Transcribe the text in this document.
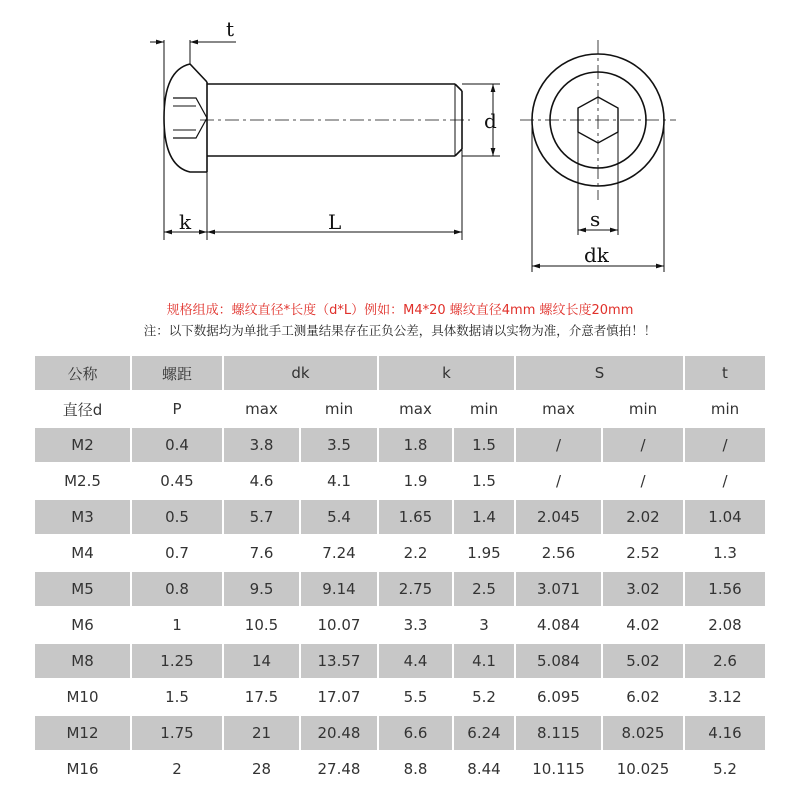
t
k	L
d
s
dk
规格组成：螺纹直径*长度（d*L）例如：M4*20 螺纹直径4mm 螺纹长度20mm
注：以下数据均为单批手工测量结果存在正负公差，具体数据请以实物为准，介意者慎拍！！
公称	螺距	dk		k		S		t
直径d	P	max	min	max	min	max	min	min
M2	0.4	3.8	3.5	1.8	1.5	/	/	/
M2.5	0.45	4.6	4.1	1.9	1.5	/	/	/
M3	0.5	5.7	5.4	1.65	1.4	2.045	2.02	1.04
M4	0.7	7.6	7.24	2.2	1.95	2.56	2.52	1.3
M5	0.8	9.5	9.14	2.75	2.5	3.071	3.02	1.56
M6	1	10.5	10.07	3.3	3	4.084	4.02	2.08
M8	1.25	14	13.57	4.4	4.1	5.084	5.02	2.6
M10	1.5	17.5	17.07	5.5	5.2	6.095	6.02	3.12
M12	1.75	21	20.48	6.6	6.24	8.115	8.025	4.16
M16	2	28	27.48	8.8	8.44	10.115	10.025	5.2
